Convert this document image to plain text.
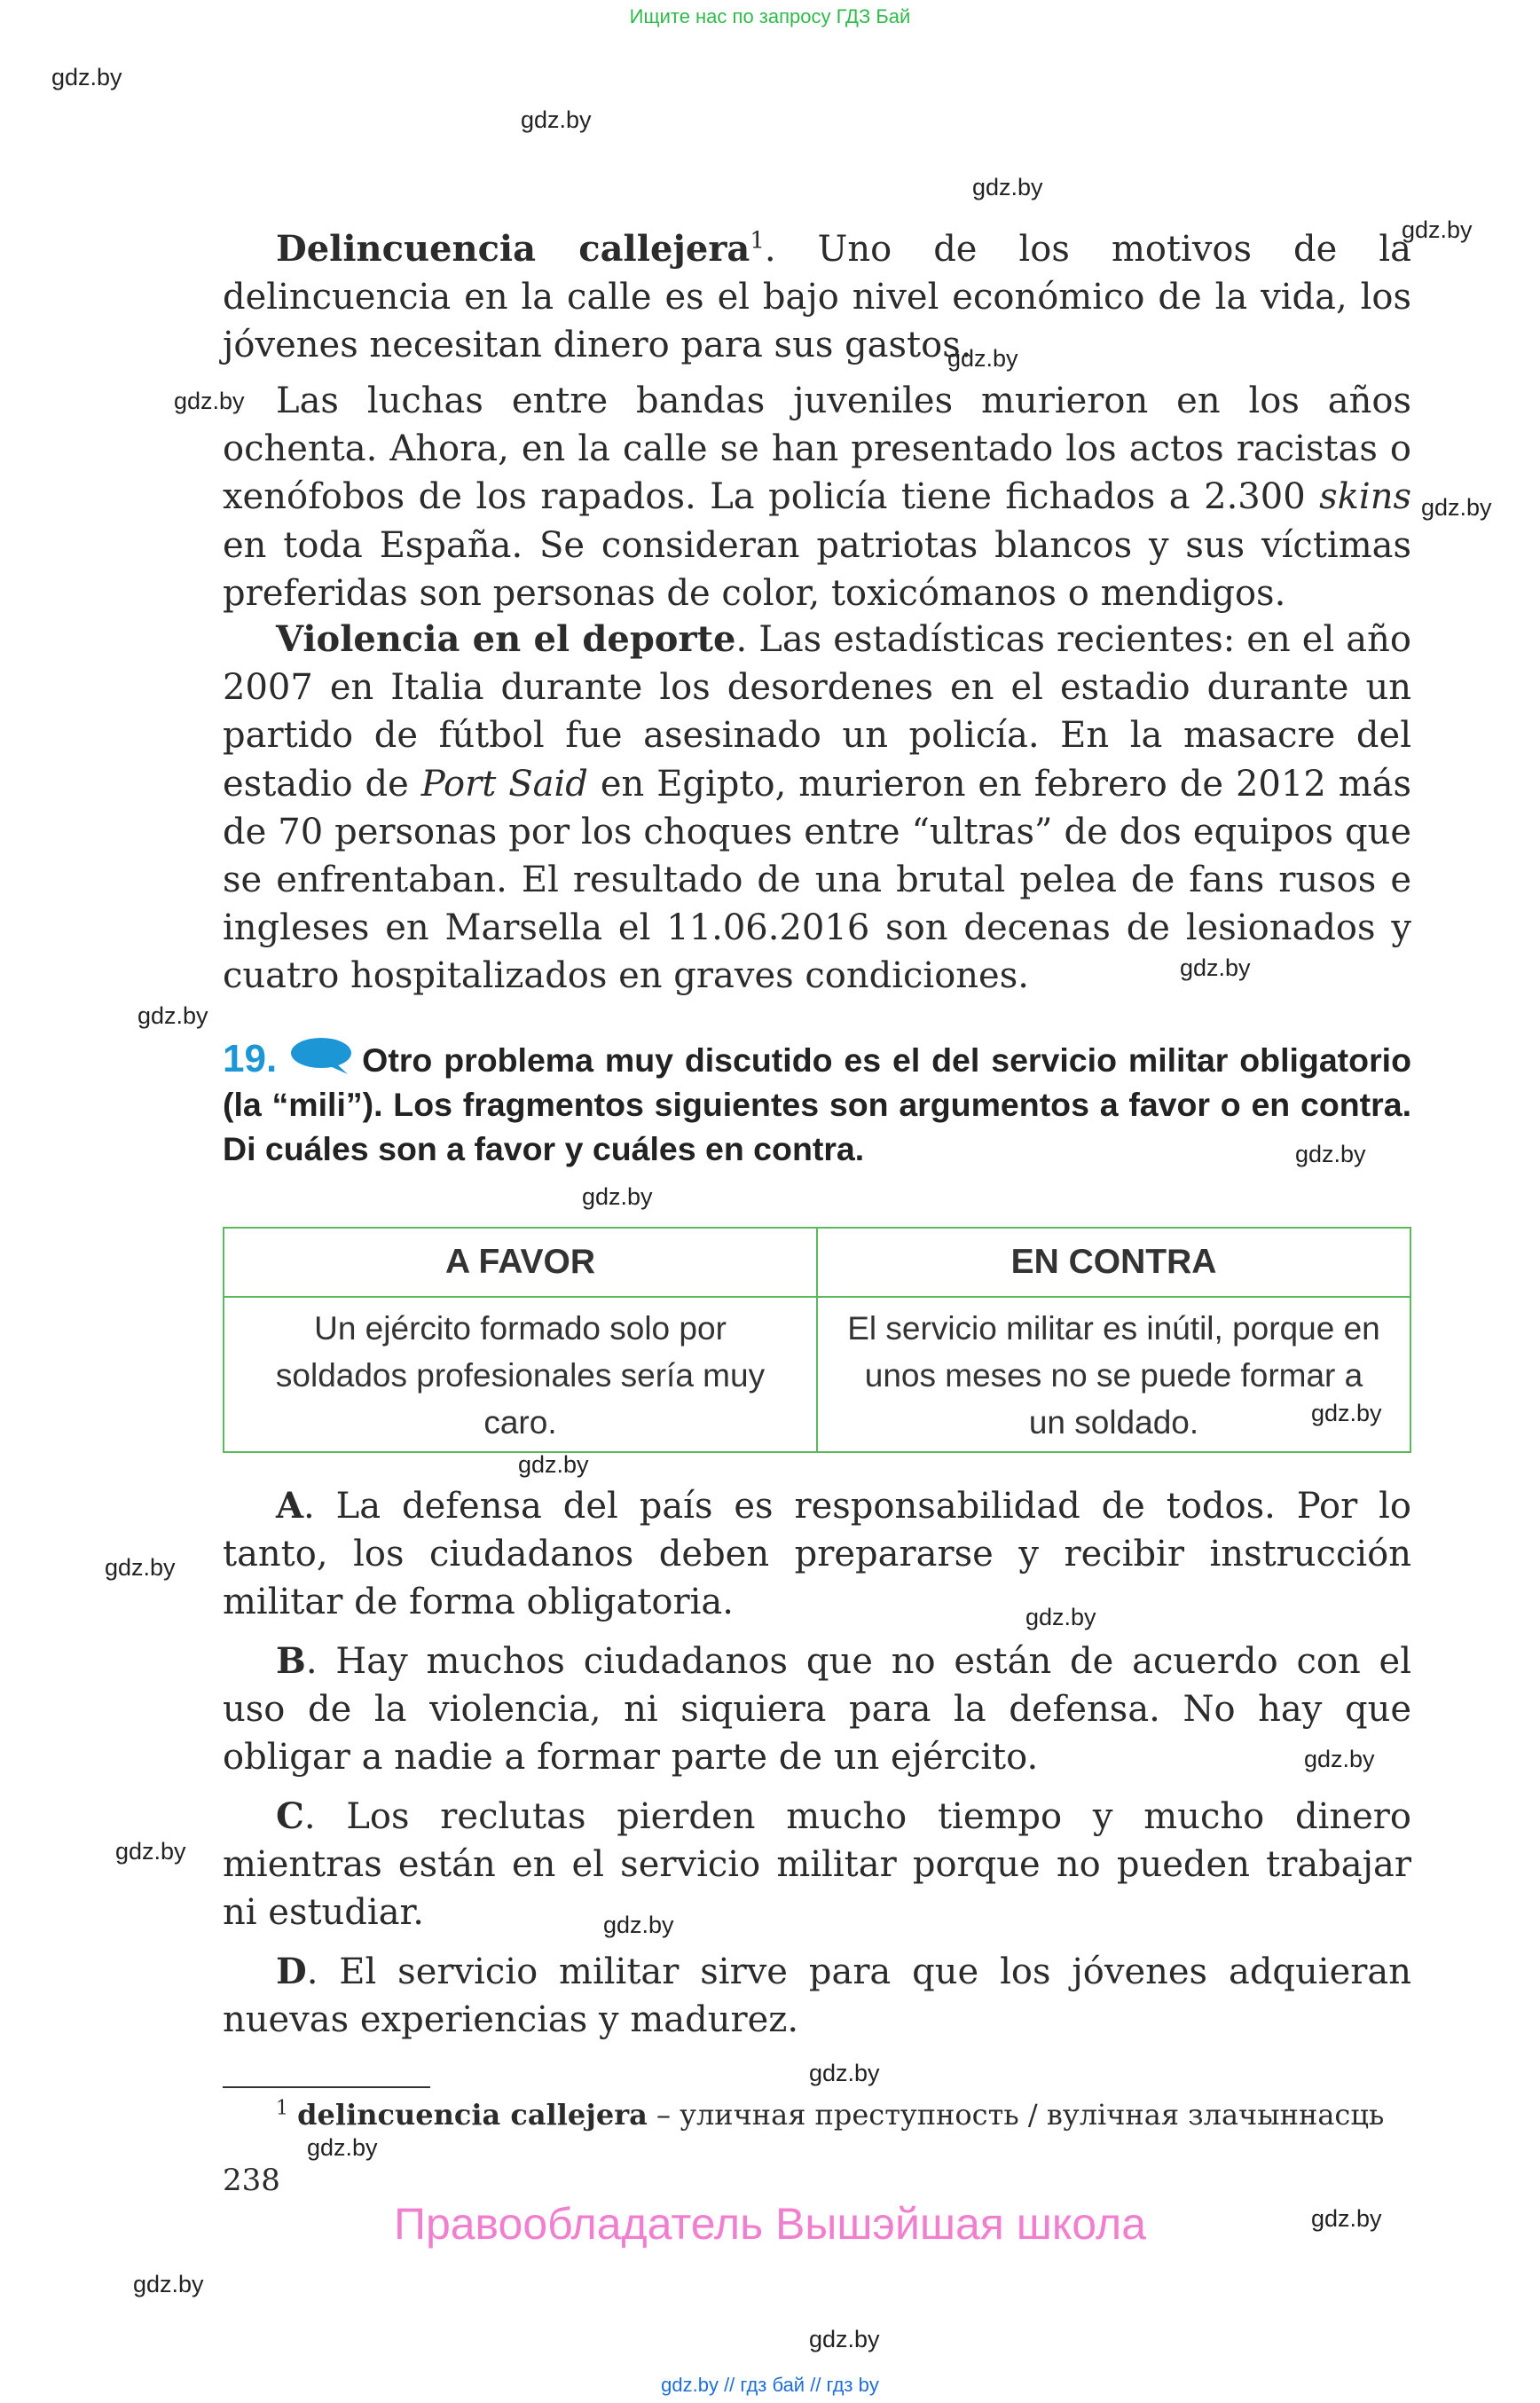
Ищите нас по запросу ГДЗ Бай
gdz.by
gdz.by
gdz.by
gdz.by
gdz.by
gdz.by
gdz.by
gdz.by
gdz.by
gdz.by
gdz.by
gdz.by
gdz.by
gdz.by
gdz.by
gdz.by
gdz.by
gdz.by
gdz.by
gdz.by
gdz.by
gdz.by
gdz.by

Delincuencia callejera$^1$. Uno de los motivos de la delincuencia en la calle es el bajo nivel económico de la vida, los jóvenes necesitan dinero para sus gastos.

Las luchas entre bandas juveniles murieron en los años ochenta. Ahora, en la calle se han presentado los actos racistas o xenófobos de los rapados. La policía tiene fichados a 2.300 skins en toda España. Se consideran patriotas blancos y sus víctimas preferidas son personas de color, toxicómanos o mendigos.

Violencia en el deporte. Las estadísticas recientes: en el año 2007 en Italia durante los desordenes en el estadio durante un partido de fútbol fue asesinado un policía. En la masacre del estadio de Port Said en Egipto, murieron en febrero de 2012 más de 70 personas por los choques entre “ultras” de dos equipos que se enfrentaban. El resultado de una brutal pelea de fans rusos e ingleses en Marsella el 11.06.2016 son decenas de lesionados y cuatro hospitalizados en graves condiciones.

19.	Otro problema muy discutido es el del servicio militar obligatorio (la “mili”). Los fragmentos siguientes son argumentos a favor o en contra. Di cuáles son a favor y cuáles en contra.

A FAVOR	EN CONTRA
Un ejército formado solo por soldados profesionales sería muy caro.	El servicio militar es inútil, porque en unos meses no se puede formar a un soldado.

A. La defensa del país es responsabilidad de todos. Por lo tanto, los ciudadanos deben prepararse y recibir instrucción militar de forma obligatoria.

B. Hay muchos ciudadanos que no están de acuerdo con el uso de la violencia, ni siquiera para la defensa. No hay que obligar a nadie a formar parte de un ejército.

C. Los reclutas pierden mucho tiempo y mucho dinero mientras están en el servicio militar porque no pueden trabajar ni estudiar.

D. El servicio militar sirve para que los jóvenes adquieran nuevas experiencias y madurez.

$^1$ delincuencia callejera – уличная преступность / вулічная злачыннасць

238
Правообладатель Вышэйшая школа
gdz.by // гдз бай // гдз by
